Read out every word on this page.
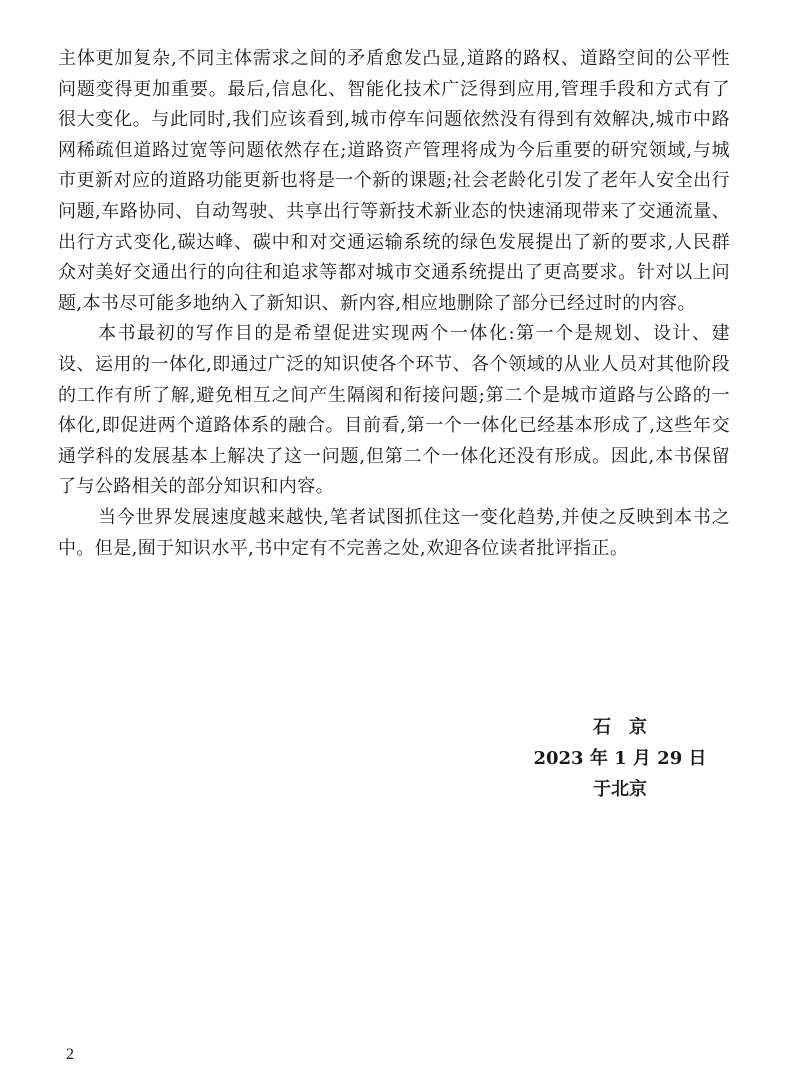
主体更加复杂,不同主体需求之间的矛盾愈发凸显,道路的路权、道路空间的公平性问题变得更加重要。最后,信息化、智能化技术广泛得到应用,管理手段和方式有了很大变化。与此同时,我们应该看到,城市停车问题依然没有得到有效解决,城市中路网稀疏但道路过宽等问题依然存在;道路资产管理将成为今后重要的研究领域,与城市更新对应的道路功能更新也将是一个新的课题;社会老龄化引发了老年人安全出行问题,车路协同、自动驾驶、共享出行等新技术新业态的快速涌现带来了交通流量、出行方式变化,碳达峰、碳中和对交通运输系统的绿色发展提出了新的要求,人民群众对美好交通出行的向往和追求等都对城市交通系统提出了更高要求。针对以上问题,本书尽可能多地纳入了新知识、新内容,相应地删除了部分已经过时的内容。

本书最初的写作目的是希望促进实现两个一体化:第一个是规划、设计、建设、运用的一体化,即通过广泛的知识使各个环节、各个领域的从业人员对其他阶段的工作有所了解,避免相互之间产生隔阂和衔接问题;第二个是城市道路与公路的一体化,即促进两个道路体系的融合。目前看,第一个一体化已经基本形成了,这些年交通学科的发展基本上解决了这一问题,但第二个一体化还没有形成。因此,本书保留了与公路相关的部分知识和内容。

当今世界发展速度越来越快,笔者试图抓住这一变化趋势,并使之反映到本书之中。但是,囿于知识水平,书中定有不完善之处,欢迎各位读者批评指正。

石京
2023 年 1 月 29 日
于北京
2
